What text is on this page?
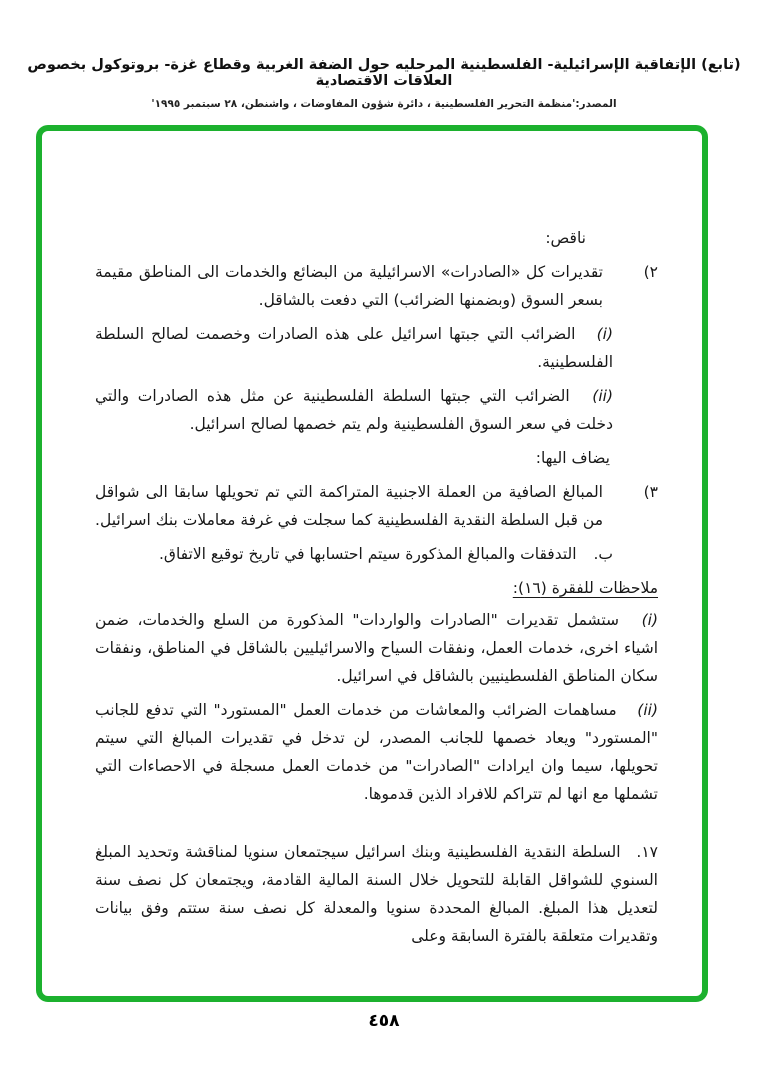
(تابع) الإتفاقية الإسرائيلية- الفلسطينية المرحليه حول الضفة الغربية وقطاع غزة- بروتوكول بخصوص العلاقات الاقتصادية
المصدر:'منظمة التحرير الفلسطينية ، دائرة شؤون المفاوضات ، واشنطن، ٢٨ سبتمبر ١٩٩٥'

ناقص:

٢)
تقديرات كل «الصادرات» الاسرائيلية من البضائع والخدمات الى المناطق مقيمة بسعر السوق (وبضمنها الضرائب) التي دفعت بالشاقل.

(i) الضرائب التي جبتها اسرائيل على هذه الصادرات وخصمت لصالح السلطة الفلسطينية.

(ii) الضرائب التي جبتها السلطة الفلسطينية عن مثل هذه الصادرات والتي دخلت في سعر السوق الفلسطينية ولم يتم خصمها لصالح اسرائيل.

يضاف اليها:

٣)
المبالغ الصافية من العملة الاجنبية المتراكمة التي تم تحويلها سابقا الى شواقل من قبل السلطة النقدية الفلسطينية كما سجلت في غرفة معاملات بنك اسرائيل.

ب. التدفقات والمبالغ المذكورة سيتم احتسابها في تاريخ توقيع الاتفاق.

ملاحظات للفقرة (١٦):

(i) ستشمل تقديرات "الصادرات والواردات" المذكورة من السلع والخدمات، ضمن اشياء اخرى، خدمات العمل، ونفقات السياح والاسرائيليين بالشاقل في المناطق، ونفقات سكان المناطق الفلسطينيين بالشاقل في اسرائيل.

(ii) مساهمات الضرائب والمعاشات من خدمات العمل "المستورد" التي تدفع للجانب "المستورد" ويعاد خصمها للجانب المصدر، لن تدخل في تقديرات المبالغ التي سيتم تحويلها، سيما وان ايرادات "الصادرات" من خدمات العمل مسجلة في الاحصاءات التي تشملها مع انها لم تتراكم للافراد الذين قدموها.

١٧. السلطة النقدية الفلسطينية وبنك اسرائيل سيجتمعان سنويا لمناقشة وتحديد المبلغ السنوي للشواقل القابلة للتحويل خلال السنة المالية القادمة، ويجتمعان كل نصف سنة لتعديل هذا المبلغ. المبالغ المحددة سنويا والمعدلة كل نصف سنة ستتم وفق بيانات وتقديرات متعلقة بالفترة السابقة وعلى

٤٥٨
